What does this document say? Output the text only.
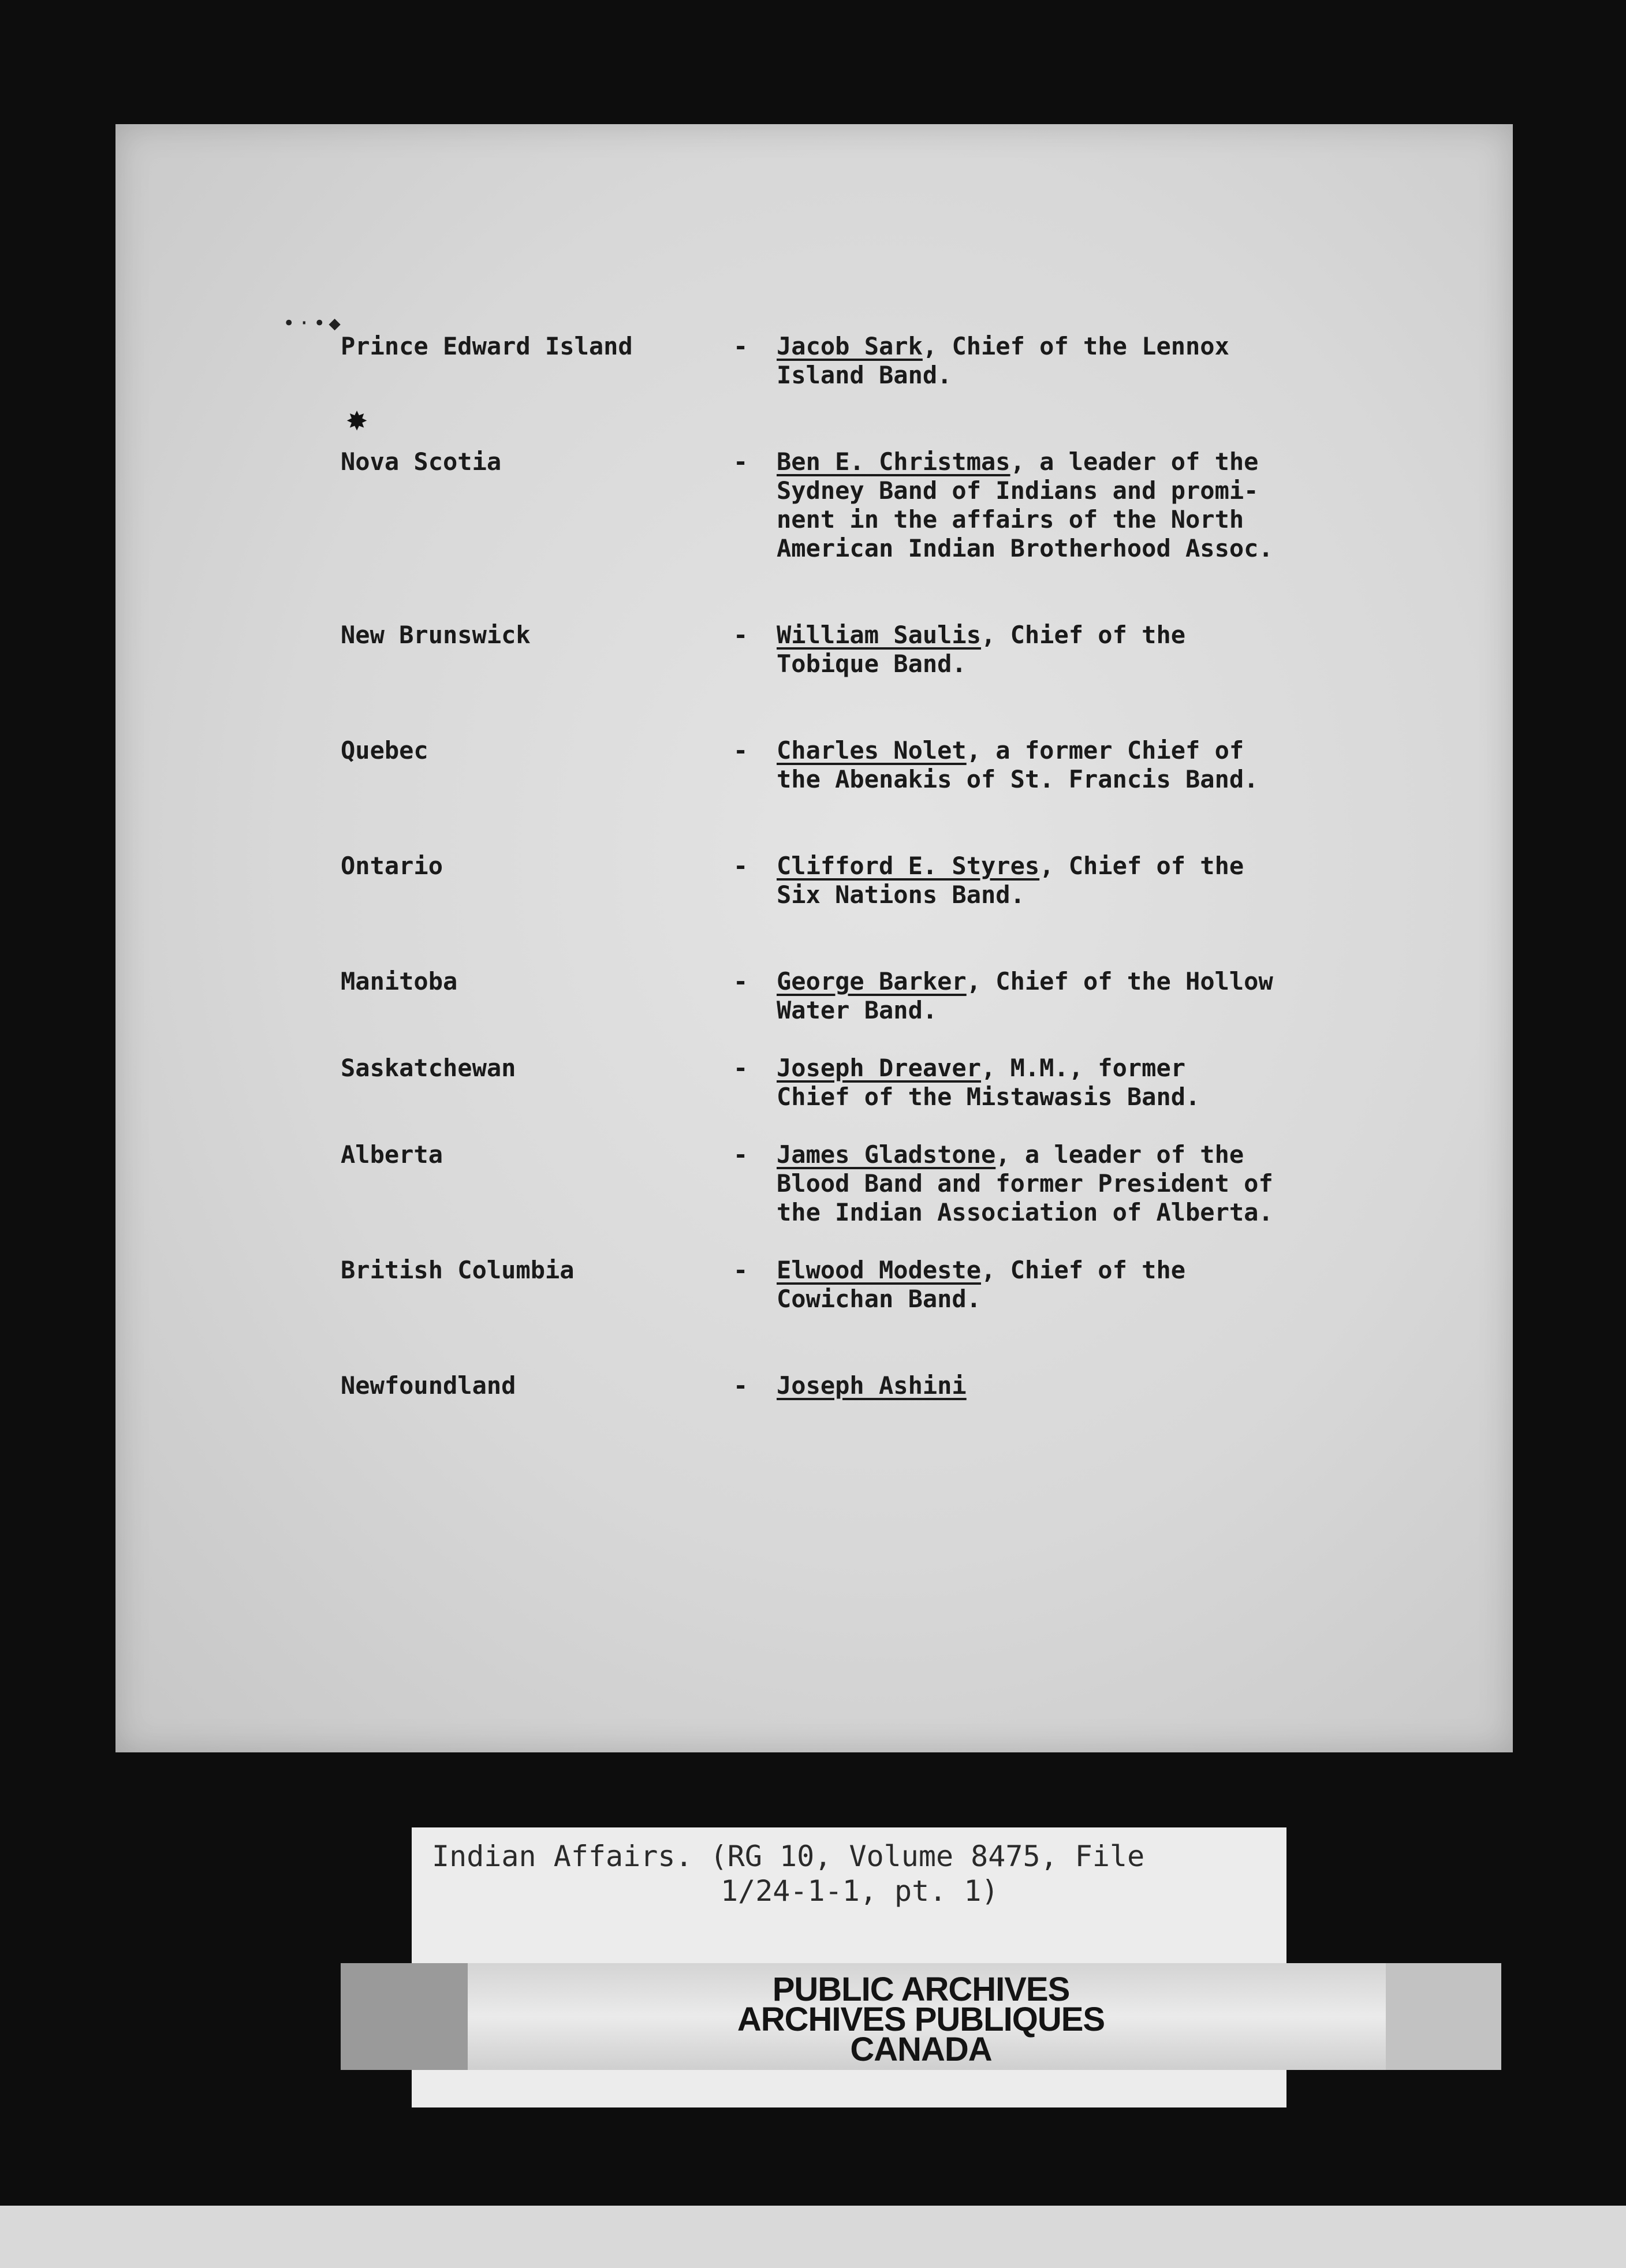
•·•◆
✸
Prince Edward Island	- Jacob Sark, Chief of the Lennox
Island Band.
Nova Scotia	- Ben E. Christmas, a leader of the
Sydney Band of Indians and promi-
nent in the affairs of the North
American Indian Brotherhood Assoc.
New Brunswick	- William Saulis, Chief of the
Tobique Band.
Quebec	- Charles Nolet, a former Chief of
the Abenakis of St. Francis Band.
Ontario	- Clifford E. Styres, Chief of the
Six Nations Band.
Manitoba	- George Barker, Chief of the Hollow
Water Band.
Saskatchewan	- Joseph Dreaver, M.M., former
Chief of the Mistawasis Band.
Alberta	- James Gladstone, a leader of the
Blood Band and former President of
the Indian Association of Alberta.
British Columbia	- Elwood Modeste, Chief of the
Cowichan Band.
Newfoundland	- Joseph Ashini
Indian Affairs. (RG 10, Volume 8475, File

1/24-1-1, pt. 1)
PUBLIC ARCHIVES
ARCHIVES PUBLIQUES
CANADA
